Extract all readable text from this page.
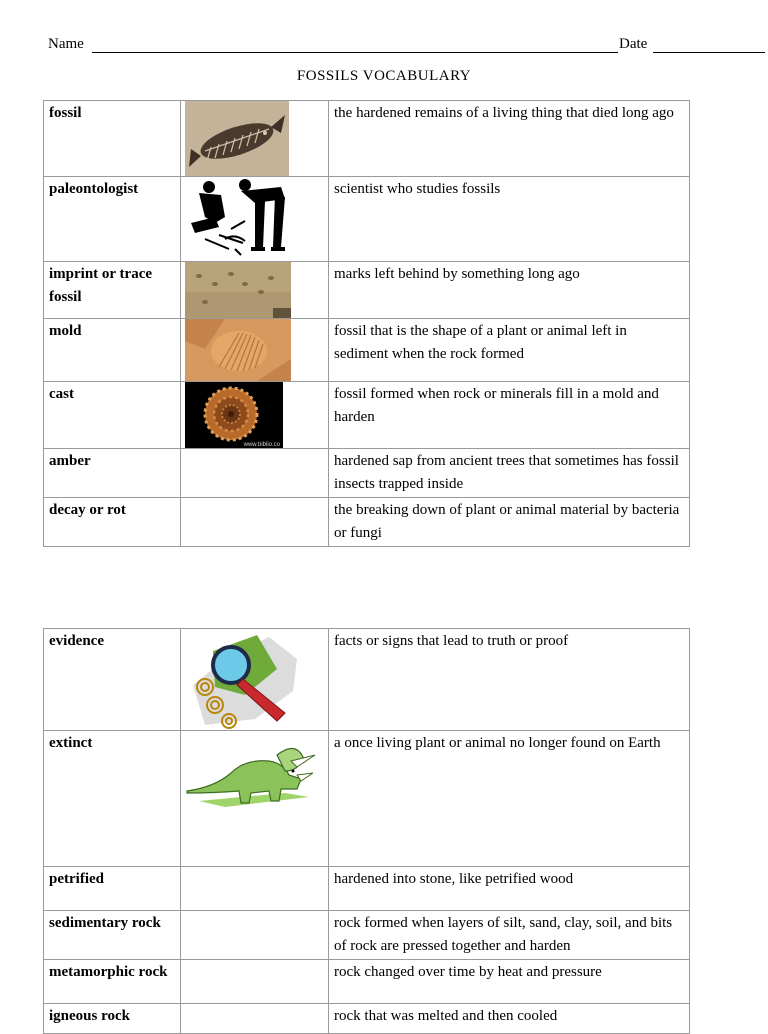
Name	Date
FOSSILS VOCABULARY
fossil		the hardened remains of a living thing that died long ago
paleontologist		scientist who studies fossils
imprint or trace fossil		marks left behind by something long ago
mold		fossil that is the shape of a plant or animal left in sediment when the rock formed
cast	www.biblio.co	fossil formed when rock or minerals fill in a mold and harden
amber		hardened sap from ancient trees that sometimes has fossil insects trapped inside
decay or rot		the breaking down of plant or animal material by bacteria or fungi
evidence		facts or signs that lead to truth or proof
extinct		a once living plant or animal no longer found on Earth
petrified		hardened into stone, like petrified wood
sedimentary rock		rock formed when layers of silt, sand, clay, soil, and bits of rock are pressed together and harden
metamorphic rock		rock changed over time by heat and pressure
igneous rock		rock that was melted and then cooled
